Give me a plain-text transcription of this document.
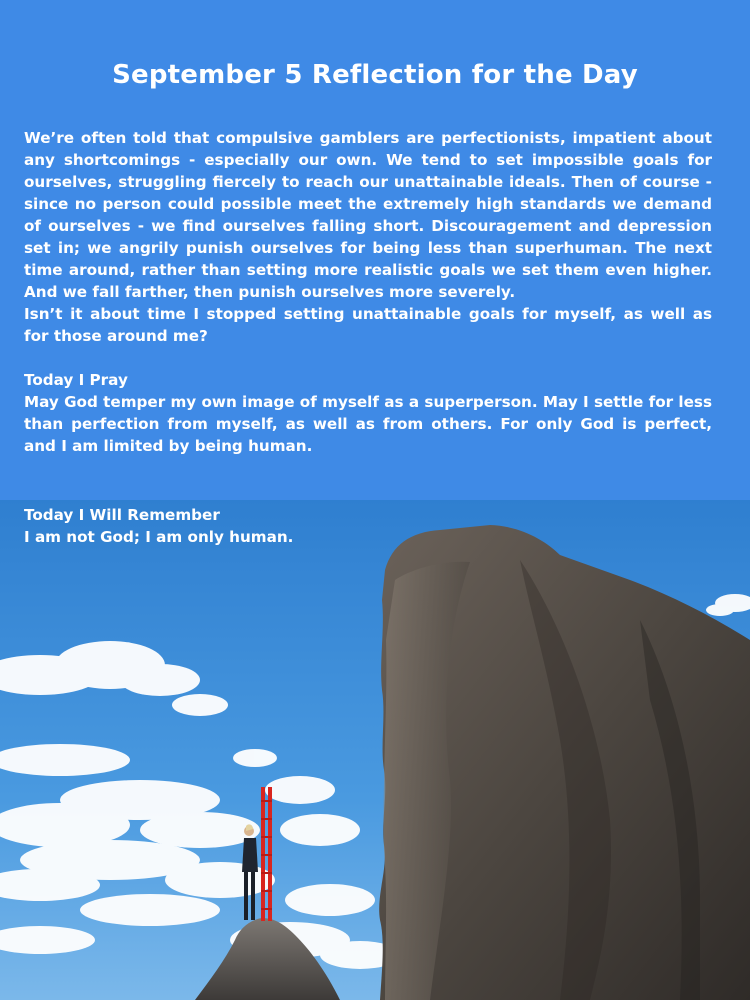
September 5 Reflection for the Day

We’re often told that compulsive gamblers are perfectionists, impatient about any shortcomings - especially our own. We tend to set impossible goals for ourselves, struggling fiercely to reach our unattainable ideals. Then of course - since no person could possible meet the extremely high standards we demand of ourselves - we find ourselves falling short. Discouragement and depression set in; we angrily punish ourselves for being less than superhuman. The next time around, rather than setting more realistic goals we set them even higher. And we fall farther, then punish ourselves more severely.

Isn’t it about time I stopped setting unattainable goals for myself, as well as for those around me?

Today I Pray

May God temper my own image of myself as a superperson. May I settle for less than perfection from myself, as well as from others. For only God is perfect, and I am limited by being human.

Today I Will Remember

I am not God; I am only human.
